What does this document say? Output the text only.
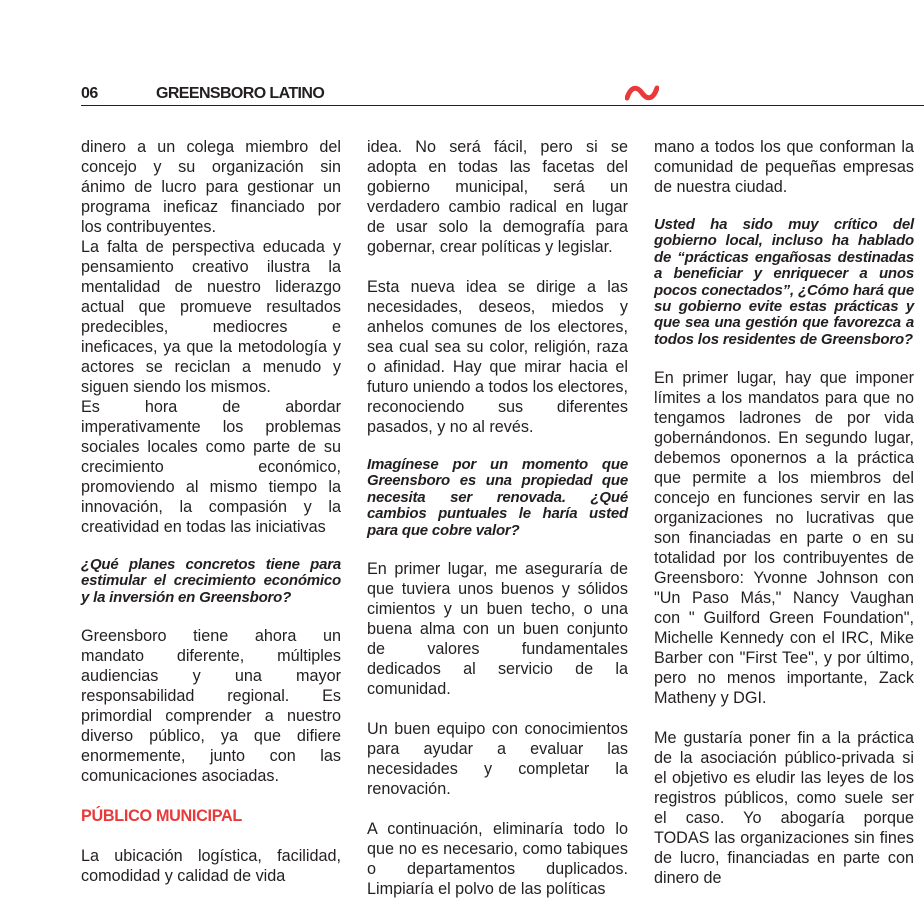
06	GREENSBORO LATINO

dinero a un colega miembro del concejo y su organización sin ánimo de lucro para gestionar un programa ineficaz financiado por los contribuyentes.

La falta de perspectiva educada y pensamiento creativo ilustra la mentalidad de nuestro liderazgo actual que promueve resultados predecibles, mediocres e ineficaces, ya que la metodología y actores se reciclan a menudo y siguen siendo los mismos.

Es hora de abordar imperativamente los problemas sociales locales como parte de su crecimiento económico, promoviendo al mismo tiempo la innovación, la compasión y la creatividad en todas las iniciativas

¿Qué planes concretos tiene para estimular el crecimiento económico y la inversión en Greensboro?

Greensboro tiene ahora un mandato diferente, múltiples audiencias y una mayor responsabilidad regional. Es primordial comprender a nuestro diverso público, ya que difiere enormemente, junto con las comunicaciones asociadas.

PÚBLICO MUNICIPAL

La ubicación logística, facilidad, comodidad y calidad de vida

idea. No será fácil, pero si se adopta en todas las facetas del gobierno municipal, será un verdadero cambio radical en lugar de usar solo la demografía para gobernar, crear políticas y legislar.

Esta nueva idea se dirige a las necesidades, deseos, miedos y anhelos comunes de los electores, sea cual sea su color, religión, raza o afinidad. Hay que mirar hacia el futuro uniendo a todos los electores, reconociendo sus diferentes pasados, y no al revés.

Imagínese por un momento que Greensboro es una propiedad que necesita ser renovada. ¿Qué cambios puntuales le haría usted para que cobre valor?

En primer lugar, me aseguraría de que tuviera unos buenos y sólidos cimientos y un buen techo, o una buena alma con un buen conjunto de valores fundamentales dedicados al servicio de la comunidad.

Un buen equipo con conocimientos para ayudar a evaluar las necesidades y completar la renovación.

A continuación, eliminaría todo lo que no es necesario, como tabiques o departamentos duplicados. Limpiaría el polvo de las políticas

mano a todos los que conforman la comunidad de pequeñas empresas de nuestra ciudad.

Usted ha sido muy crítico del gobierno local, incluso ha hablado de “prácticas engañosas destinadas a beneficiar y enriquecer a unos pocos conectados”, ¿Cómo hará que su gobierno evite estas prácticas y que sea una gestión que favorezca a todos los residentes de Greensboro?

En primer lugar, hay que imponer límites a los mandatos para que no tengamos ladrones de por vida gobernándonos. En segundo lugar, debemos oponernos a la práctica que permite a los miembros del concejo en funciones servir en las organizaciones no lucrativas que son financiadas en parte o en su totalidad por los contribuyentes de Greensboro: Yvonne Johnson con "Un Paso Más," Nancy Vaughan con " Guilford Green Foundation", Michelle Kennedy con el IRC, Mike Barber con "First Tee", y por último, pero no menos importante, Zack Matheny y DGI.

Me gustaría poner fin a la práctica de la asociación público-privada si el objetivo es eludir las leyes de los registros públicos, como suele ser el caso. Yo abogaría porque TODAS las organizaciones sin fines de lucro, financiadas en parte con dinero de
